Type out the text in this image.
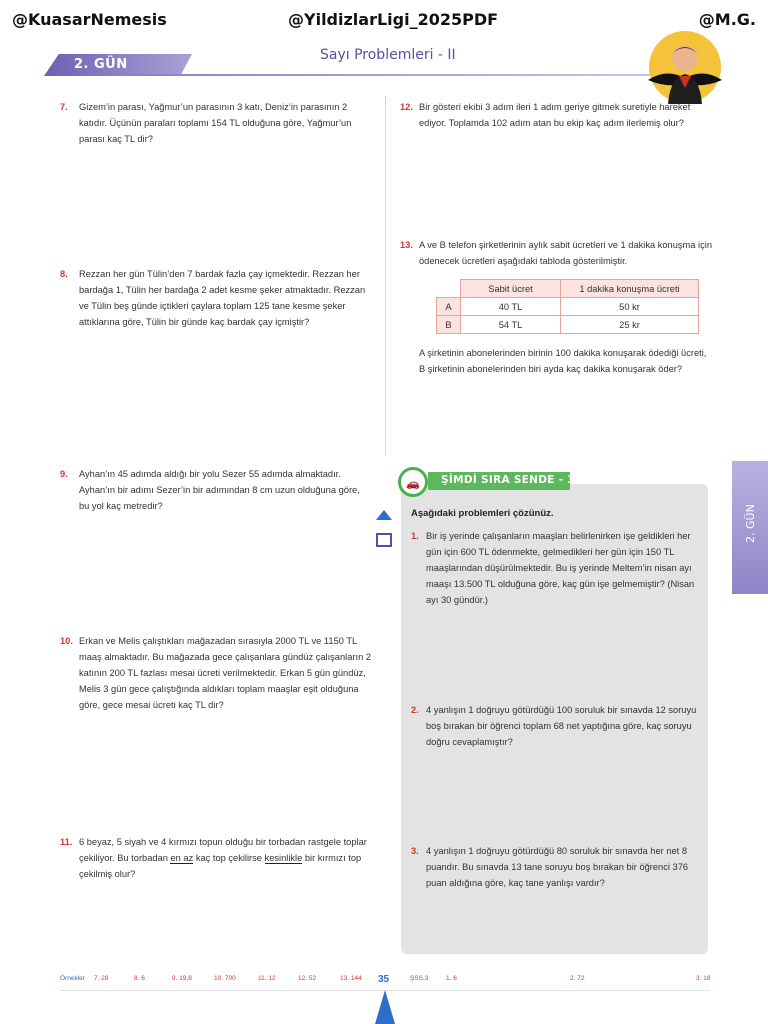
@KuasarNemesis	@YildizlarLigi_2025PDF	@M.G.
2. GÜN
Sayı Problemleri - II
7.	Gizem’in parası, Yağmur’un parasının 3 katı, Deniz’in parasının 2 katıdır. Üçünün paraları toplamı 154 TL olduğuna göre, Yağmur’un parası kaç TL dir?
8.	Rezzan her gün Tülin’den 7 bardak fazla çay içmektedir. Rezzan her bardağa 1, Tülin her bardağa 2 adet kesme şeker atmaktadır. Rezzan ve Tülin beş günde içtikleri çaylara toplam 125 tane kesme şeker attıklarına göre, Tülin bir günde kaç bardak çay içmiştir?
9.	Ayhan’ın 45 adımda aldığı bir yolu Sezer 55 adımda almaktadır. Ayhan’ın bir adımı Sezer’in bir adımından 8 cm uzun olduğuna göre, bu yol kaç metredir?
10. Erkan ve Melis çalıştıkları mağazadan sırasıyla 2000 TL ve 1150 TL maaş almaktadır. Bu mağazada gece çalışanlara gündüz çalışanların 2 katının 200 TL fazlası mesai ücreti verilmektedir. Erkan 5 gün gündüz, Melis 3 gün gece çalıştığında aldıkları toplam maaşlar eşit olduğuna göre, gece mesai ücreti kaç TL dir?
11. 6 beyaz, 5 siyah ve 4 kırmızı topun olduğu bir torbadan rastgele toplar çekiliyor. Bu torbadan en az kaç top çekilirse kesinlikle bir kırmızı top çekilmiş olur?
12. Bir gösteri ekibi 3 adım ileri 1 adım geriye gitmek suretiyle hareket ediyor. Toplamda 102 adım atan bu ekip kaç adım ilerlemiş olur?
13. A ve B telefon şirketlerinin aylık sabit ücretleri ve 1 dakika konuşma için ödenecek ücretleri aşağıdaki tabloda gösterilmiştir.
	Sabit ücret	1 dakika konuşma ücreti
A	40 TL	50 kr
B	54 TL	25 kr
A şirketinin abonelerinden birinin 100 dakika konuşarak ödediği ücreti, B şirketinin abonelerinden biri ayda kaç dakika konuşarak öder?
🚗 ŞİMDİ SIRA SENDE - 3
Aşağıdaki problemleri çözünüz.
1. Bir iş yerinde çalışanların maaşları belirlenirken işe geldikleri her gün için 600 TL ödenmekte, gelmedikleri her gün için 150 TL maaşlarından düşürülmektedir. Bu iş yerinde Meltem’in nisan ayı maaşı 13.500 TL olduğuna göre, kaç gün işe gelmemiştir? (Nisan ayı 30 gündür.)
2. 4 yanlışın 1 doğruyu götürdüğü 100 soruluk bir sınavda 12 soruyu boş bırakan bir öğrenci toplam 68 net yaptığına göre, kaç soruyu doğru cevaplamıştır?
3. 4 yanlışın 1 doğruyu götürdüğü 80 soruluk bir sınavda her net 8 puandır. Bu sınavda 13 tane soruyu boş bırakan bir öğrenci 376 puan aldığına göre, kaç tane yanlışı vardır?
2. GÜN
Örnekler 7. 28	8. 6	9. 19,8	10. 700	11. 12	12. 52	13. 144 35	ŞSS.3	1. 6	2. 72	3. 18
